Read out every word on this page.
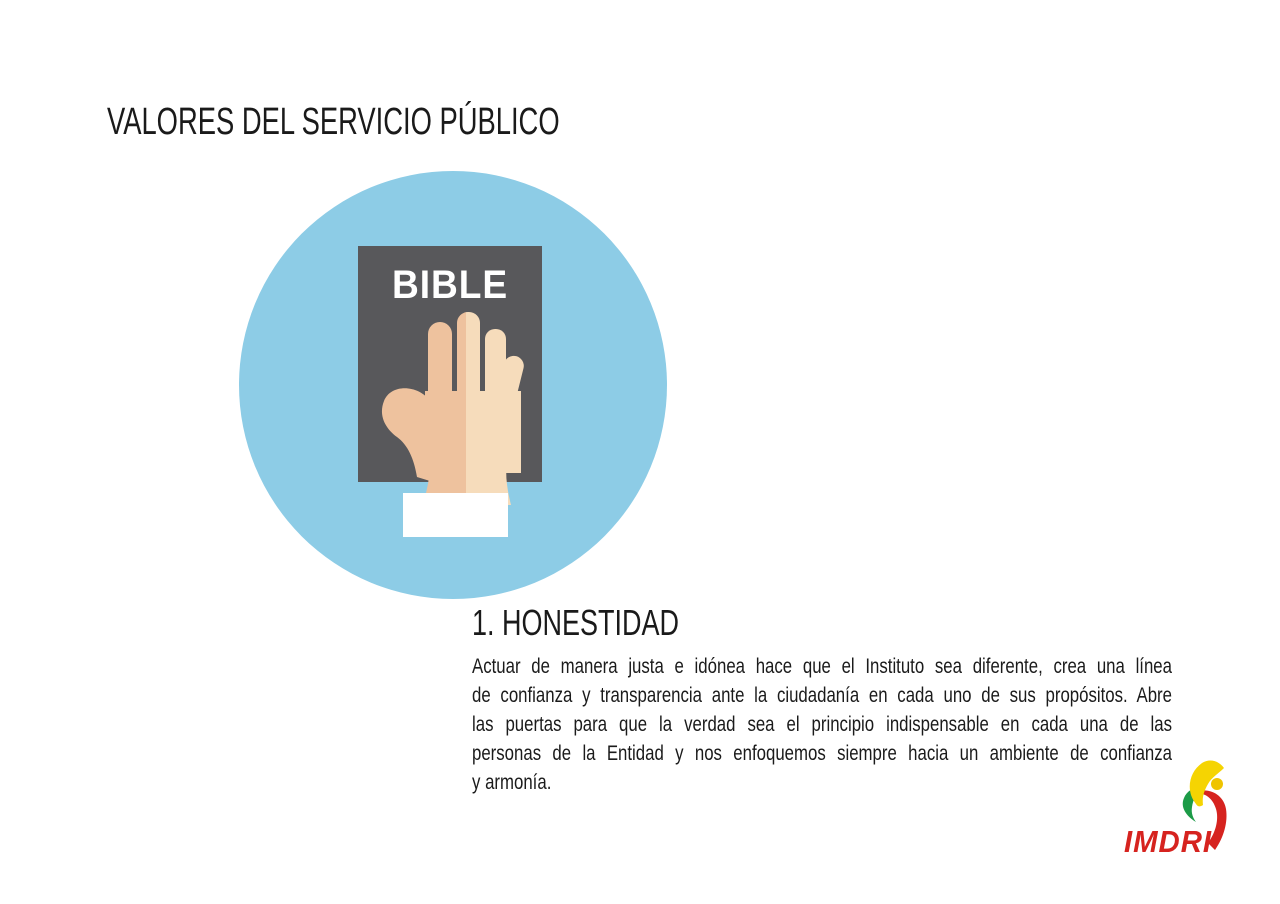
VALORES DEL SERVICIO PÚBLICO
BIBLE
1. HONESTIDAD
Actuar de manera justa e idónea hace que el Instituto sea diferente, crea una línea
de confianza y transparencia ante la ciudadanía en cada uno de sus propósitos. Abre
las puertas para que la verdad sea el principio indispensable en cada una de las
personas de la Entidad y nos enfoquemos siempre hacia un ambiente de confianza
y armonía.
IMDRI
